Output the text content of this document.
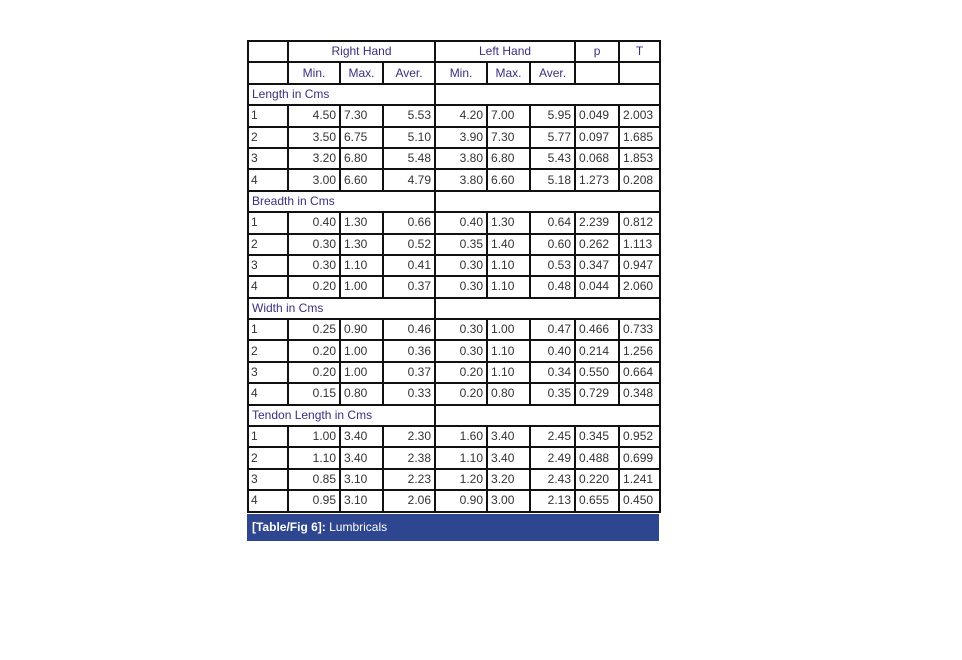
	Right Hand			Left Hand			p	T
	Min.	Max.	Aver.	Min.	Max.	Aver.		
Length in Cms								
1	4.50	7.30	5.53	4.20	7.00	5.95	0.049	2.003
2	3.50	6.75	5.10	3.90	7.30	5.77	0.097	1.685
3	3.20	6.80	5.48	3.80	6.80	5.43	0.068	1.853
4	3.00	6.60	4.79	3.80	6.60	5.18	1.273	0.208
Breadth in Cms								
1	0.40	1.30	0.66	0.40	1.30	0.64	2.239	0.812
2	0.30	1.30	0.52	0.35	1.40	0.60	0.262	1.113
3	0.30	1.10	0.41	0.30	1.10	0.53	0.347	0.947
4	0.20	1.00	0.37	0.30	1.10	0.48	0.044	2.060
Width in Cms								
1	0.25	0.90	0.46	0.30	1.00	0.47	0.466	0.733
2	0.20	1.00	0.36	0.30	1.10	0.40	0.214	1.256
3	0.20	1.00	0.37	0.20	1.10	0.34	0.550	0.664
4	0.15	0.80	0.33	0.20	0.80	0.35	0.729	0.348
Tendon Length in Cms								
1	1.00	3.40	2.30	1.60	3.40	2.45	0.345	0.952
2	1.10	3.40	2.38	1.10	3.40	2.49	0.488	0.699
3	0.85	3.10	2.23	1.20	3.20	2.43	0.220	1.241
4	0.95	3.10	2.06	0.90	3.00	2.13	0.655	0.450
[Table/Fig 6]: Lumbricals
